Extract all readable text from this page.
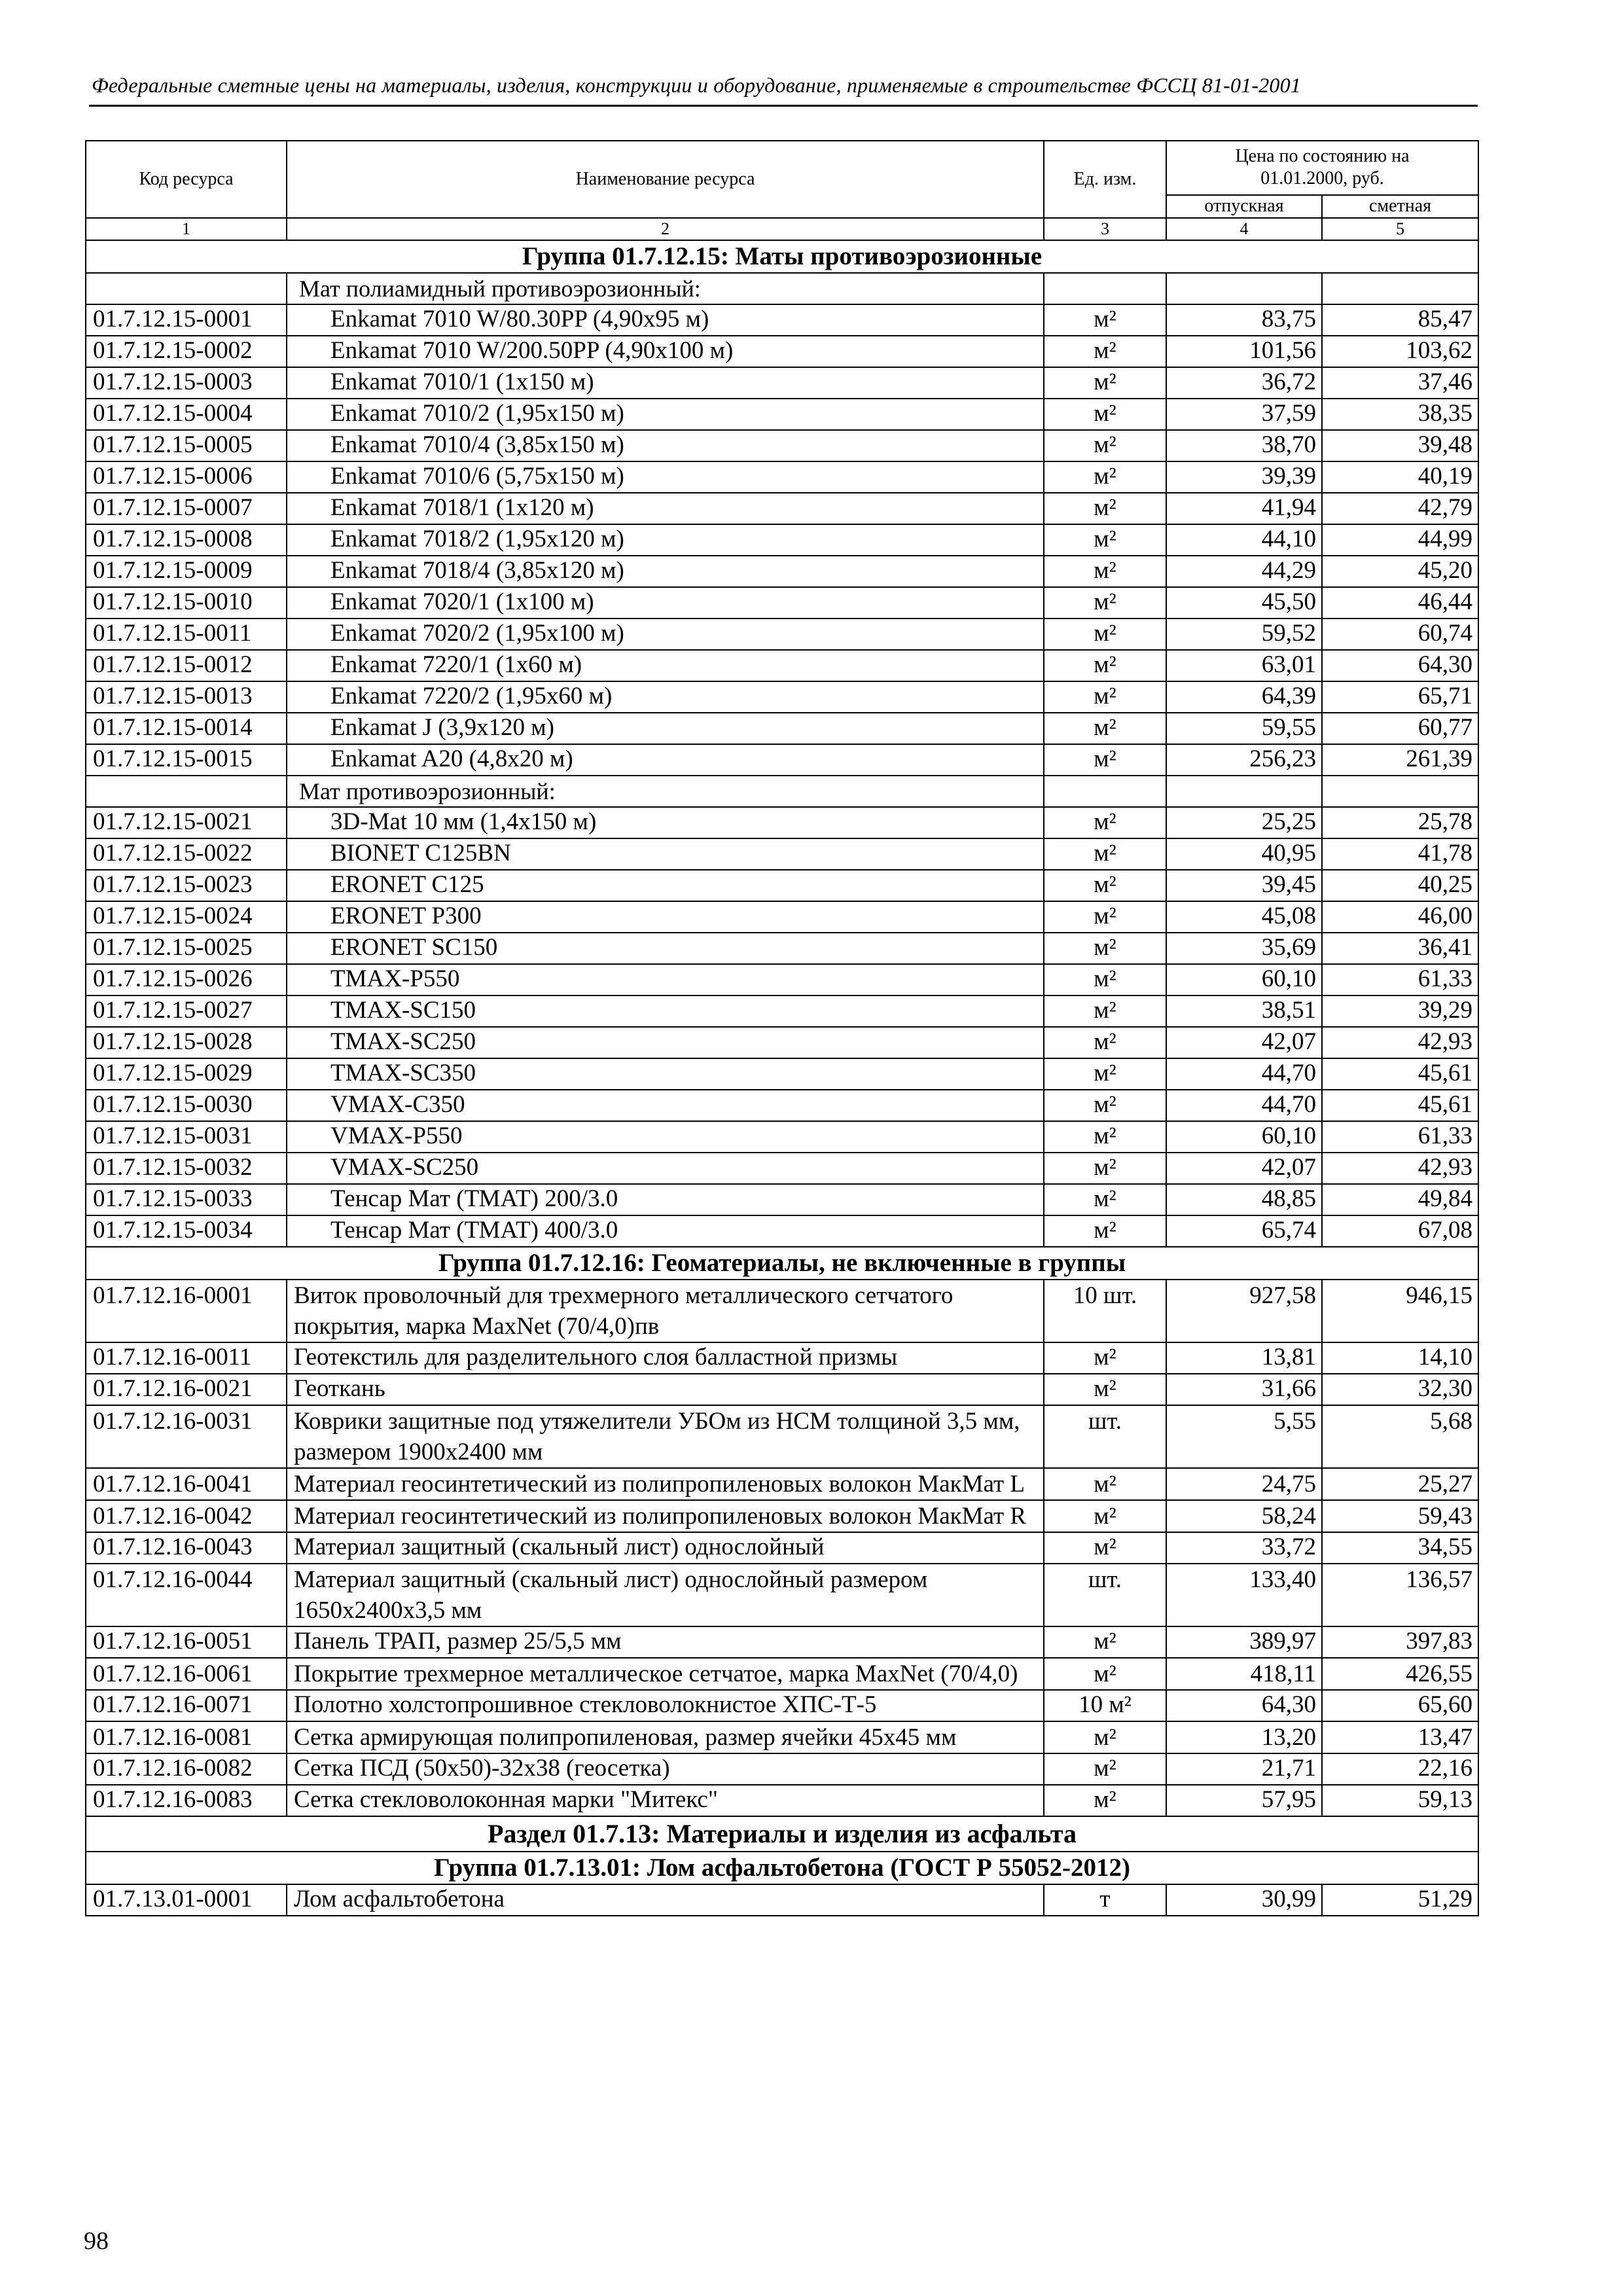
Федеральные сметные цены на материалы, изделия, конструкции и оборудование, применяемые в строительстве ФССЦ 81-01-2001
Код ресурса	Наименование ресурса	Ед. изм.	Цена по состоянию на 01.01.2000, руб.	
			отпускная	сметная
1	2	3	4	5
Группа 01.7.12.15: Маты противоэрозионные				
	Мат полиамидный противоэрозионный:			
01.7.12.15-0001	Enkamat 7010 W/80.30PP (4,90x95 м)	м²	83,75	85,47
01.7.12.15-0002	Enkamat 7010 W/200.50PP (4,90x100 м)	м²	101,56	103,62
01.7.12.15-0003	Enkamat 7010/1 (1x150 м)	м²	36,72	37,46
01.7.12.15-0004	Enkamat 7010/2 (1,95x150 м)	м²	37,59	38,35
01.7.12.15-0005	Enkamat 7010/4 (3,85x150 м)	м²	38,70	39,48
01.7.12.15-0006	Enkamat 7010/6 (5,75x150 м)	м²	39,39	40,19
01.7.12.15-0007	Enkamat 7018/1 (1x120 м)	м²	41,94	42,79
01.7.12.15-0008	Enkamat 7018/2 (1,95x120 м)	м²	44,10	44,99
01.7.12.15-0009	Enkamat 7018/4 (3,85x120 м)	м²	44,29	45,20
01.7.12.15-0010	Enkamat 7020/1 (1x100 м)	м²	45,50	46,44
01.7.12.15-0011	Enkamat 7020/2 (1,95x100 м)	м²	59,52	60,74
01.7.12.15-0012	Enkamat 7220/1 (1x60 м)	м²	63,01	64,30
01.7.12.15-0013	Enkamat 7220/2 (1,95x60 м)	м²	64,39	65,71
01.7.12.15-0014	Enkamat J (3,9x120 м)	м²	59,55	60,77
01.7.12.15-0015	Enkamat A20 (4,8x20 м)	м²	256,23	261,39
	Мат противоэрозионный:			
01.7.12.15-0021	3D-Mat 10 мм (1,4x150 м)	м²	25,25	25,78
01.7.12.15-0022	BIONET C125BN	м²	40,95	41,78
01.7.12.15-0023	ERONET C125	м²	39,45	40,25
01.7.12.15-0024	ERONET P300	м²	45,08	46,00
01.7.12.15-0025	ERONET SC150	м²	35,69	36,41
01.7.12.15-0026	TMAX-P550	м²	60,10	61,33
01.7.12.15-0027	TMAX-SC150	м²	38,51	39,29
01.7.12.15-0028	TMAX-SC250	м²	42,07	42,93
01.7.12.15-0029	TMAX-SC350	м²	44,70	45,61
01.7.12.15-0030	VMAX-C350	м²	44,70	45,61
01.7.12.15-0031	VMAX-P550	м²	60,10	61,33
01.7.12.15-0032	VMAX-SC250	м²	42,07	42,93
01.7.12.15-0033	Тенсар Мат (ТМАТ) 200/3.0	м²	48,85	49,84
01.7.12.15-0034	Тенсар Мат (ТМАТ) 400/3.0	м²	65,74	67,08
Группа 01.7.12.16: Геоматериалы, не включенные в группы				
01.7.12.16-0001	Виток проволочный для трехмерного металлического сетчатого покрытия, марка MaxNet (70/4,0)пв	10 шт.	927,58	946,15
01.7.12.16-0011	Геотекстиль для разделительного слоя балластной призмы	м²	13,81	14,10
01.7.12.16-0021	Геоткань	м²	31,66	32,30
01.7.12.16-0031	Коврики защитные под утяжелители УБОм из НСМ толщиной 3,5 мм, размером 1900x2400 мм	шт.	5,55	5,68
01.7.12.16-0041	Материал геосинтетический из полипропиленовых волокон МакМат L	м²	24,75	25,27
01.7.12.16-0042	Материал геосинтетический из полипропиленовых волокон МакМат R	м²	58,24	59,43
01.7.12.16-0043	Материал защитный (скальный лист) однослойный	м²	33,72	34,55
01.7.12.16-0044	Материал защитный (скальный лист) однослойный размером 1650x2400x3,5 мм	шт.	133,40	136,57
01.7.12.16-0051	Панель ТРАП, размер 25/5,5 мм	м²	389,97	397,83
01.7.12.16-0061	Покрытие трехмерное металлическое сетчатое, марка MaxNet (70/4,0)	м²	418,11	426,55
01.7.12.16-0071	Полотно холстопрошивное стекловолокнистое ХПС-Т-5	10 м²	64,30	65,60
01.7.12.16-0081	Сетка армирующая полипропиленовая, размер ячейки 45x45 мм	м²	13,20	13,47
01.7.12.16-0082	Сетка ПСД (50x50)-32x38 (геосетка)	м²	21,71	22,16
01.7.12.16-0083	Сетка стекловолоконная марки "Митекс"	м²	57,95	59,13
Раздел 01.7.13: Материалы и изделия из асфальта				
Группа 01.7.13.01: Лом асфальтобетона (ГОСТ Р 55052-2012)				
01.7.13.01-0001	Лом асфальтобетона	т	30,99	51,29
98
